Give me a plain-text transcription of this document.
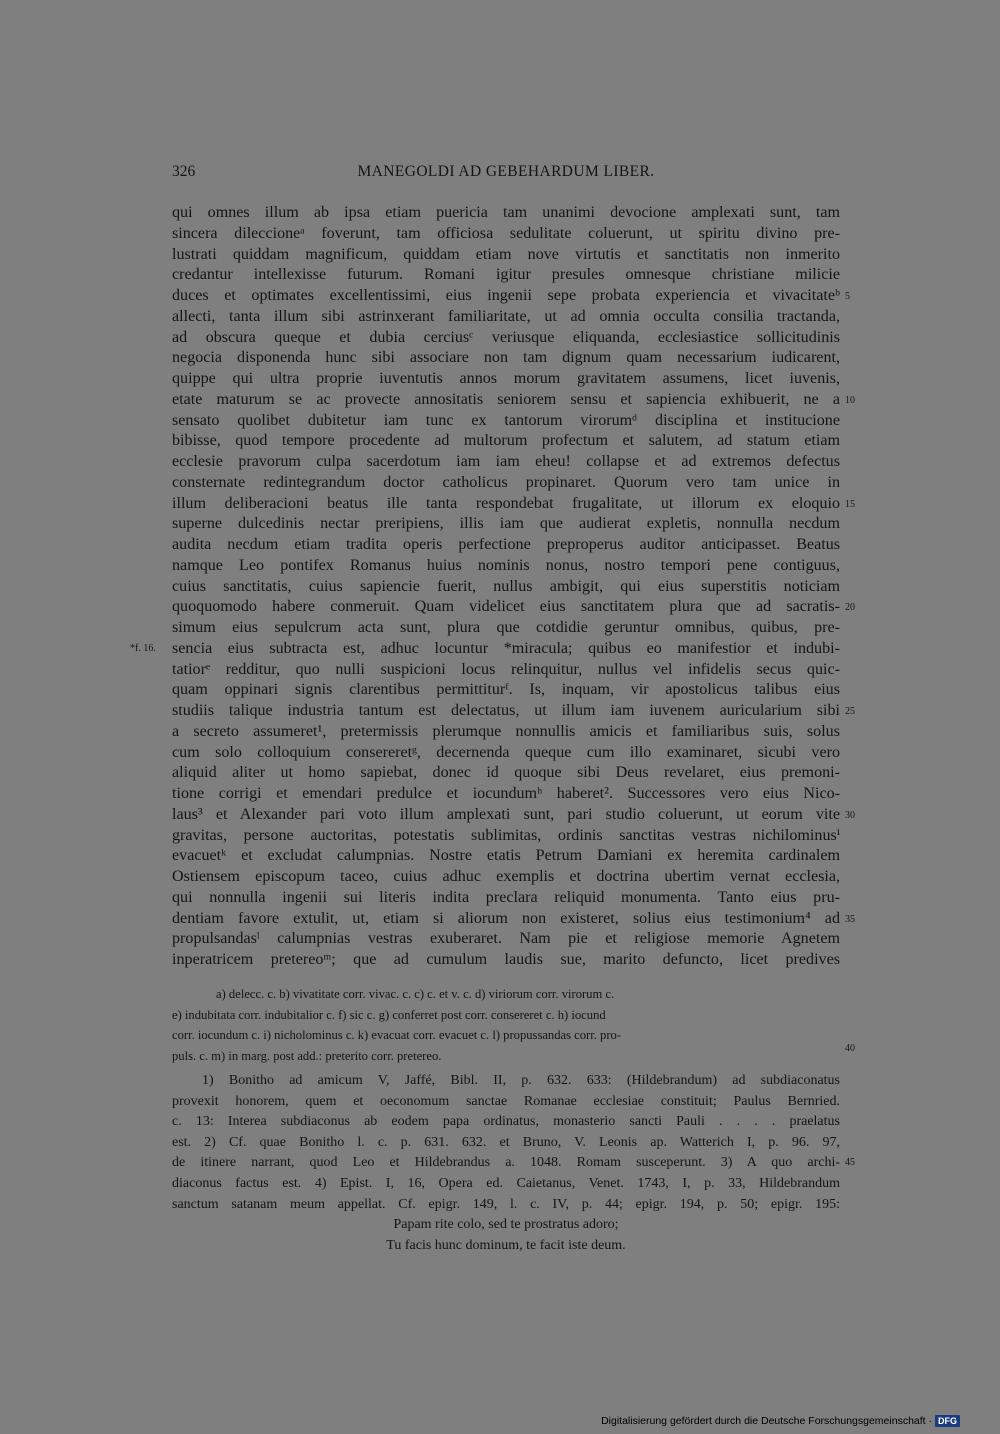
326	MANEGOLDI AD GEBEHARDUM LIBER.
qui omnes illum ab ipsa etiam puericia tam unanimi devocione amplexati sunt, tam
sincera dileccioneᵃ foverunt, tam officiosa sedulitate coluerunt, ut spiritu divino pre-
lustrati quiddam magnificum, quiddam etiam nove virtutis et sanctitatis non inmerito
credantur intellexisse futurum. Romani igitur presules omnesque christiane milicie
duces et optimates excellentissimi, eius ingenii sepe probata experiencia et vivacitateᵇ
allecti, tanta illum sibi astrinxerant familiaritate, ut ad omnia occulta consilia tractanda,
ad obscura queque et dubia cerciusᶜ veriusque eliquanda, ecclesiastice sollicitudinis
negocia disponenda hunc sibi associare non tam dignum quam necessarium iudicarent,
quippe qui ultra proprie iuventutis annos morum gravitatem assumens, licet iuvenis,
etate maturum se ac provecte annositatis seniorem sensu et sapiencia exhibuerit, ne a
sensato quolibet dubitetur iam tunc ex tantorum virorumᵈ disciplina et institucione
bibisse, quod tempore procedente ad multorum profectum et salutem, ad statum etiam
ecclesie pravorum culpa sacerdotum iam iam eheu! collapse et ad extremos defectus
consternate redintegrandum doctor catholicus propinaret. Quorum vero tam unice in
illum deliberacioni beatus ille tanta respondebat frugalitate, ut illorum ex eloquio
superne dulcedinis nectar preripiens, illis iam que audierat expletis, nonnulla necdum
audita necdum etiam tradita operis perfectione preproperus auditor anticipasset. Beatus
namque Leo pontifex Romanus huius nominis nonus, nostro tempori pene contiguus,
cuius sanctitatis, cuius sapiencie fuerit, nullus ambigit, qui eius superstitis noticiam
quoquomodo habere conmeruit. Quam videlicet eius sanctitatem plura que ad sacratis-
simum eius sepulcrum acta sunt, plura que cotdidie geruntur omnibus, quibus, pre-
sencia eius subtracta est, adhuc locuntur *miracula; quibus eo manifestior et indubi-
tatiorᵉ redditur, quo nulli suspicioni locus relinquitur, nullus vel infidelis secus quic-
quam oppinari signis clarentibus permittiturᶠ. Is, inquam, vir apostolicus talibus eius
studiis talique industria tantum est delectatus, ut illum iam iuvenem auricularium sibi
a secreto assumeret¹, pretermissis plerumque nonnullis amicis et familiaribus suis, solus
cum solo colloquium consereretᵍ, decernenda queque cum illo examinaret, sicubi vero
aliquid aliter ut homo sapiebat, donec id quoque sibi Deus revelaret, eius premoni-
tione corrigi et emendari predulce et iocundumʰ haberet². Successores vero eius Nico-
laus³ et Alexander pari voto illum amplexati sunt, pari studio coluerunt, ut eorum vite
gravitas, persone auctoritas, potestatis sublimitas, ordinis sanctitas vestras nichilominusⁱ
evacuetᵏ et excludat calumpnias. Nostre etatis Petrum Damiani ex heremita cardinalem
Ostiensem episcopum taceo, cuius adhuc exemplis et doctrina ubertim vernat ecclesia,
qui nonnulla ingenii sui literis indita preclara reliquid monumenta. Tanto eius pru-
dentiam favore extulit, ut, etiam si aliorum non existeret, solius eius testimonium⁴ ad
propulsandasˡ calumpnias vestras exuberaret. Nam pie et religiose memorie Agnetem
inperatricem pretereoᵐ; que ad cumulum laudis sue, marito defuncto, licet predives
5
10
15
20
25
30
35
40
45
*f. 16.
a) delecc. c. b) vivatitate corr. vivac. c. c) c. et v. c. d) viriorum corr. virorum c.
e) indubitata corr. indubitalior c. f) sic c. g) conferret post corr. consereret c. h) iocund
corr. iocundum c. i) nicholominus c. k) evacuat corr. evacuet c. l) propussandas corr. pro-
puls. c. m) in marg. post add.: preterito corr. pretereo.
1) Bonitho ad amicum V, Jaffé, Bibl. II, p. 632. 633: (Hildebrandum) ad subdiaconatus
provexit honorem, quem et oeconomum sanctae Romanae ecclesiae constituit; Paulus Bernried.
c. 13: Interea subdiaconus ab eodem papa ordinatus, monasterio sancti Pauli . . . . praelatus
est. 2) Cf. quae Bonitho l. c. p. 631. 632. et Bruno, V. Leonis ap. Watterich I, p. 96. 97,
de itinere narrant, quod Leo et Hildebrandus a. 1048. Romam susceperunt. 3) A quo archi-
diaconus factus est. 4) Epist. I, 16, Opera ed. Caietanus, Venet. 1743, I, p. 33, Hildebrandum
sanctum satanam meum appellat. Cf. epigr. 149, l. c. IV, p. 44; epigr. 194, p. 50; epigr. 195:
Papam rite colo, sed te prostratus adoro;
Tu facis hunc dominum, te facit iste deum.
Digitalisierung gefördert durch die Deutsche Forschungsgemeinschaft · DFG
